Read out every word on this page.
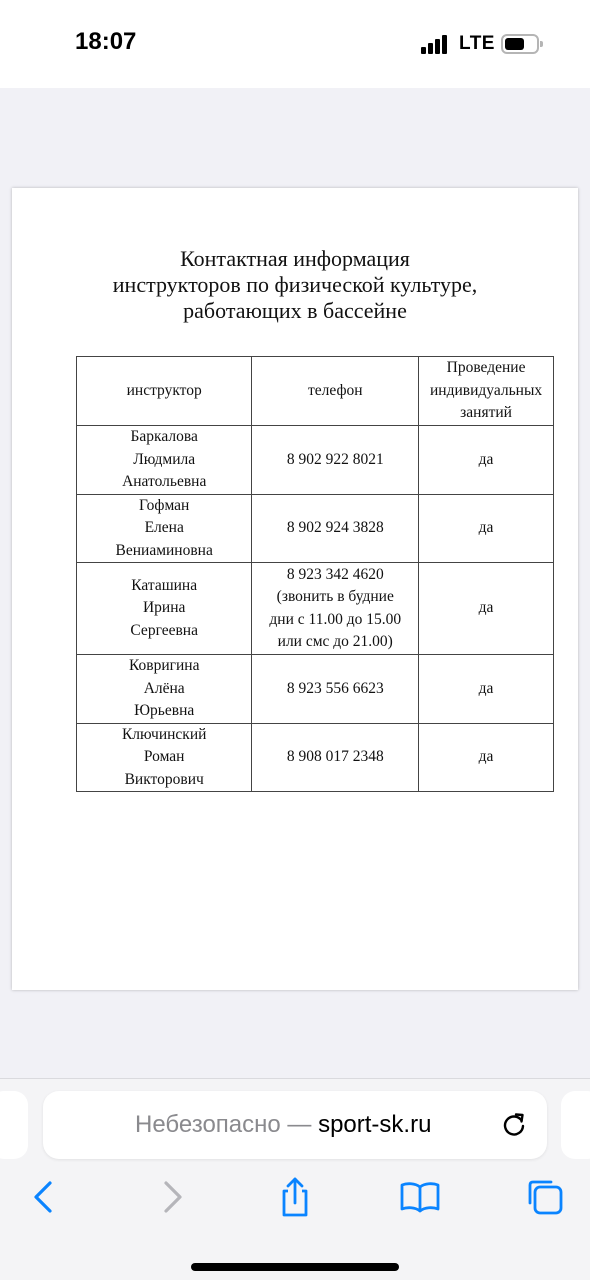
18:07	LTE
Контактная информация
инструкторов по физической культуре,
работающих в бассейне
инструктор	телефон	Проведение
индивидуальных
занятий

Баркалова
Людмила
Анатольевна	8 902 922 8021	да

Гофман
Елена
Вениаминовна	8 902 924 3828	да

Каташина
Ирина
Сергеевна	8 923 342 4620
(звонить в будние
дни с 11.00 до 15.00
или смс до 21.00)	да

Ковригина
Алёна
Юрьевна	8 923 556 6623	да

Ключинский
Роман
Викторович	8 908 017 2348	да
Небезопасно — sport-sk.ru
